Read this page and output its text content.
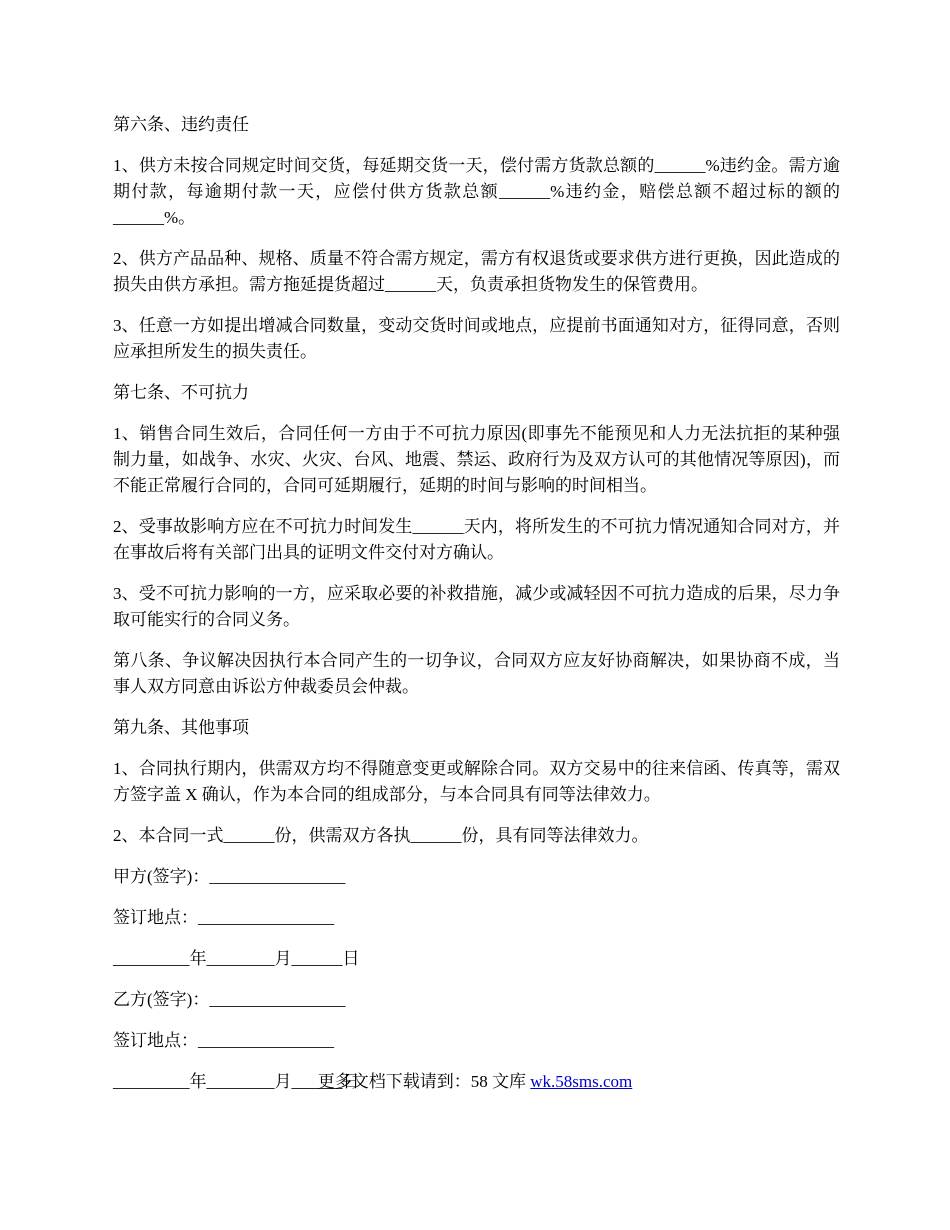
第六条、违约责任

1、供方未按合同规定时间交货，每延期交货一天，偿付需方货款总额的______%违约金。需方逾期付款，每逾期付款一天，应偿付供方货款总额______%违约金，赔偿总额不超过标的额的______%。

2、供方产品品种、规格、质量不符合需方规定，需方有权退货或要求供方进行更换，因此造成的损失由供方承担。需方拖延提货超过______天，负责承担货物发生的保管费用。

3、任意一方如提出增减合同数量，变动交货时间或地点，应提前书面通知对方，征得同意，否则应承担所发生的损失责任。

第七条、不可抗力

1、销售合同生效后，合同任何一方由于不可抗力原因(即事先不能预见和人力无法抗拒的某种强制力量，如战争、水灾、火灾、台风、地震、禁运、政府行为及双方认可的其他情况等原因)，而不能正常履行合同的，合同可延期履行，延期的时间与影响的时间相当。

2、受事故影响方应在不可抗力时间发生______天内，将所发生的不可抗力情况通知合同对方，并在事故后将有关部门出具的证明文件交付对方确认。

3、受不可抗力影响的一方，应采取必要的补救措施，减少或减轻因不可抗力造成的后果，尽力争取可能实行的合同义务。

第八条、争议解决因执行本合同产生的一切争议，合同双方应友好协商解决，如果协商不成，当事人双方同意由诉讼方仲裁委员会仲裁。

第九条、其他事项

1、合同执行期内，供需双方均不得随意变更或解除合同。双方交易中的往来信函、传真等，需双方签字盖 X 确认，作为本合同的组成部分，与本合同具有同等法律效力。

2、本合同一式______份，供需双方各执______份，具有同等法律效力。

甲方(签字)：________________

签订地点：________________

_________年________月______日

乙方(签字)：________________

签订地点：________________

_________年________月______日

更多文档下载请到：58 文库 wk.58sms.com
